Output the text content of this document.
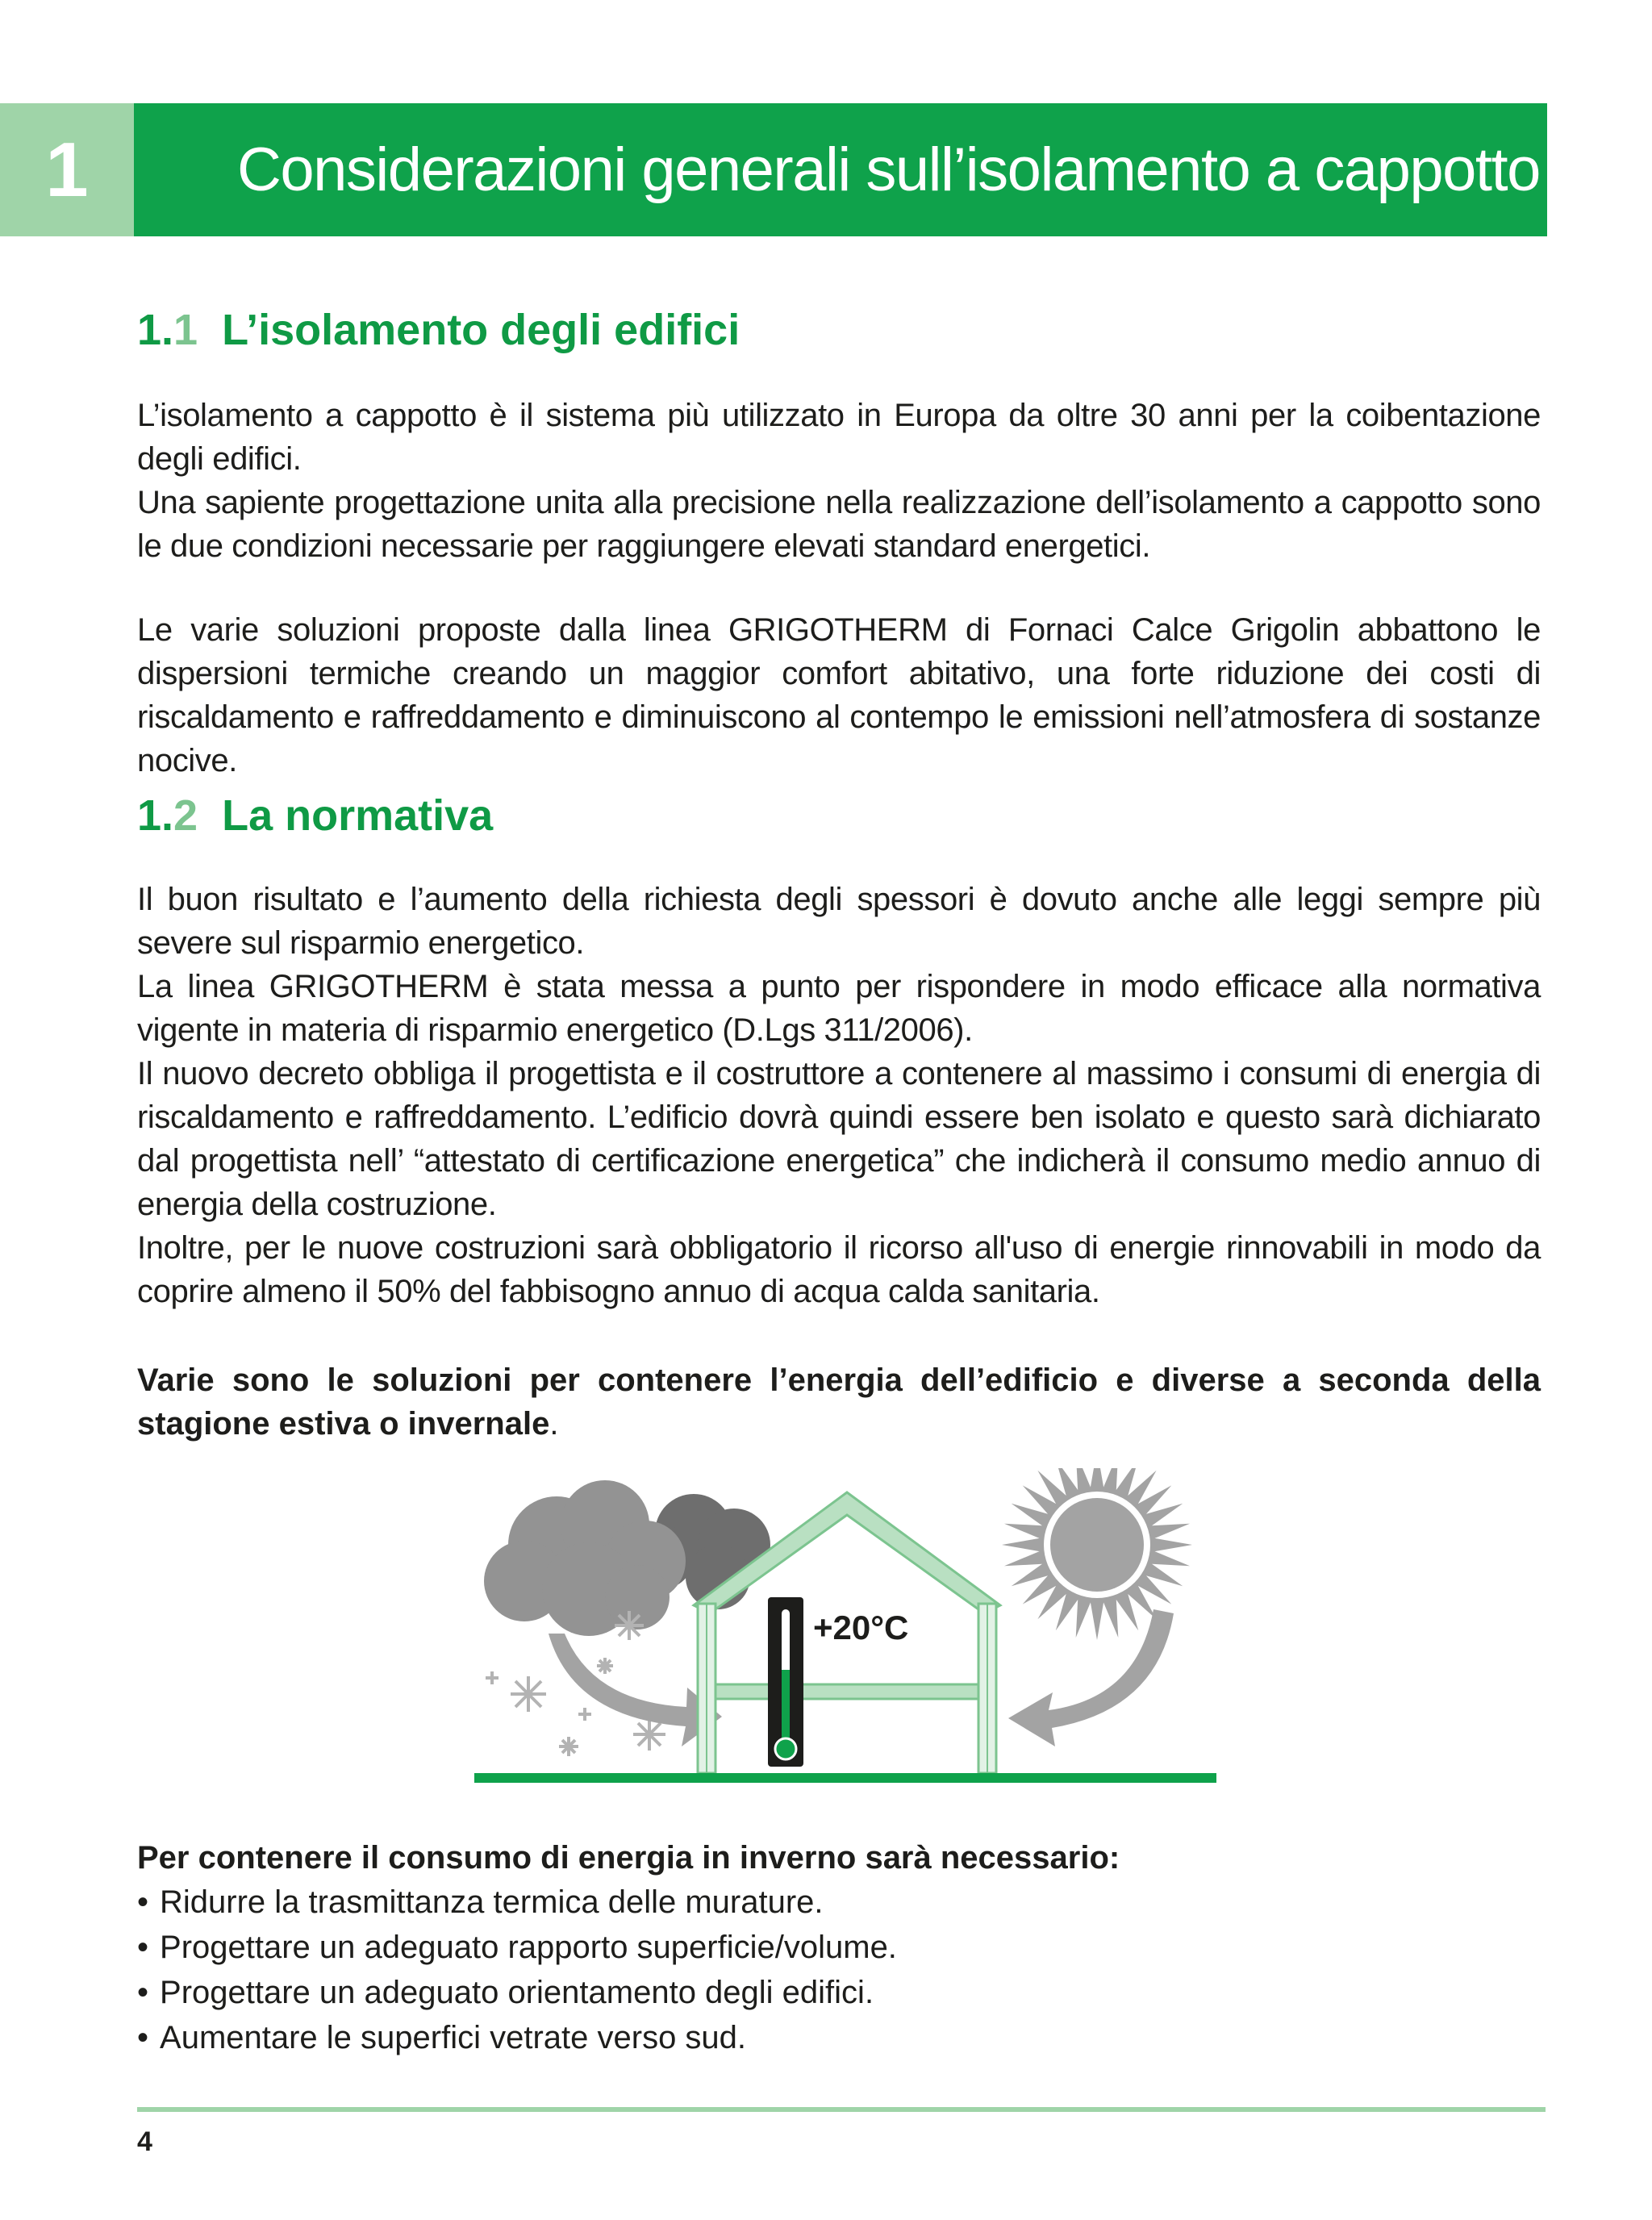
1 Considerazioni generali sull’isolamento a cappotto
1.1 L’isolamento degli edifici

L’isolamento a cappotto è il sistema più utilizzato in Europa da oltre 30 anni per la coibentazione degli edifici.

Una sapiente progettazione unita alla precisione nella realizzazione dell’isolamento a cappotto sono le due condizioni necessarie per raggiungere elevati standard energetici.

Le varie soluzioni proposte dalla linea GRIGOTHERM di Fornaci Calce Grigolin abbattono le dispersioni termiche creando un maggior comfort abitativo, una forte riduzione dei costi di riscaldamento e raffreddamento e diminuiscono al contempo le emissioni nell’atmosfera di sostanze nocive.

1.2 La normativa

Il buon risultato e l’aumento della richiesta degli spessori è dovuto anche alle leggi sempre più severe sul risparmio energetico.

La linea GRIGOTHERM è stata messa a punto per rispondere in modo efficace alla normativa vigente in materia di risparmio energetico (D.Lgs 311/2006).

Il nuovo decreto obbliga il progettista e il costruttore a contenere al massimo i consumi di energia di riscaldamento e raffreddamento. L’edificio dovrà quindi essere ben isolato e questo sarà dichiarato dal progettista nell’ “attestato di certificazione energetica” che indicherà il consumo medio annuo di energia della costruzione.

Inoltre, per le nuove costruzioni sarà obbligatorio il ricorso all'uso di energie rinnovabili in modo da coprire almeno il 50% del fabbisogno annuo di acqua calda sanitaria.

Varie sono le soluzioni per contenere l’energia dell’edificio e diverse a seconda della stagione estiva o invernale.
+20°C
Per contenere il consumo di energia in inverno sarà necessario:
• Ridurre la trasmittanza termica delle murature.
• Progettare un adeguato rapporto superficie/volume.
• Progettare un adeguato orientamento degli edifici.
• Aumentare le superfici vetrate verso sud.
4
